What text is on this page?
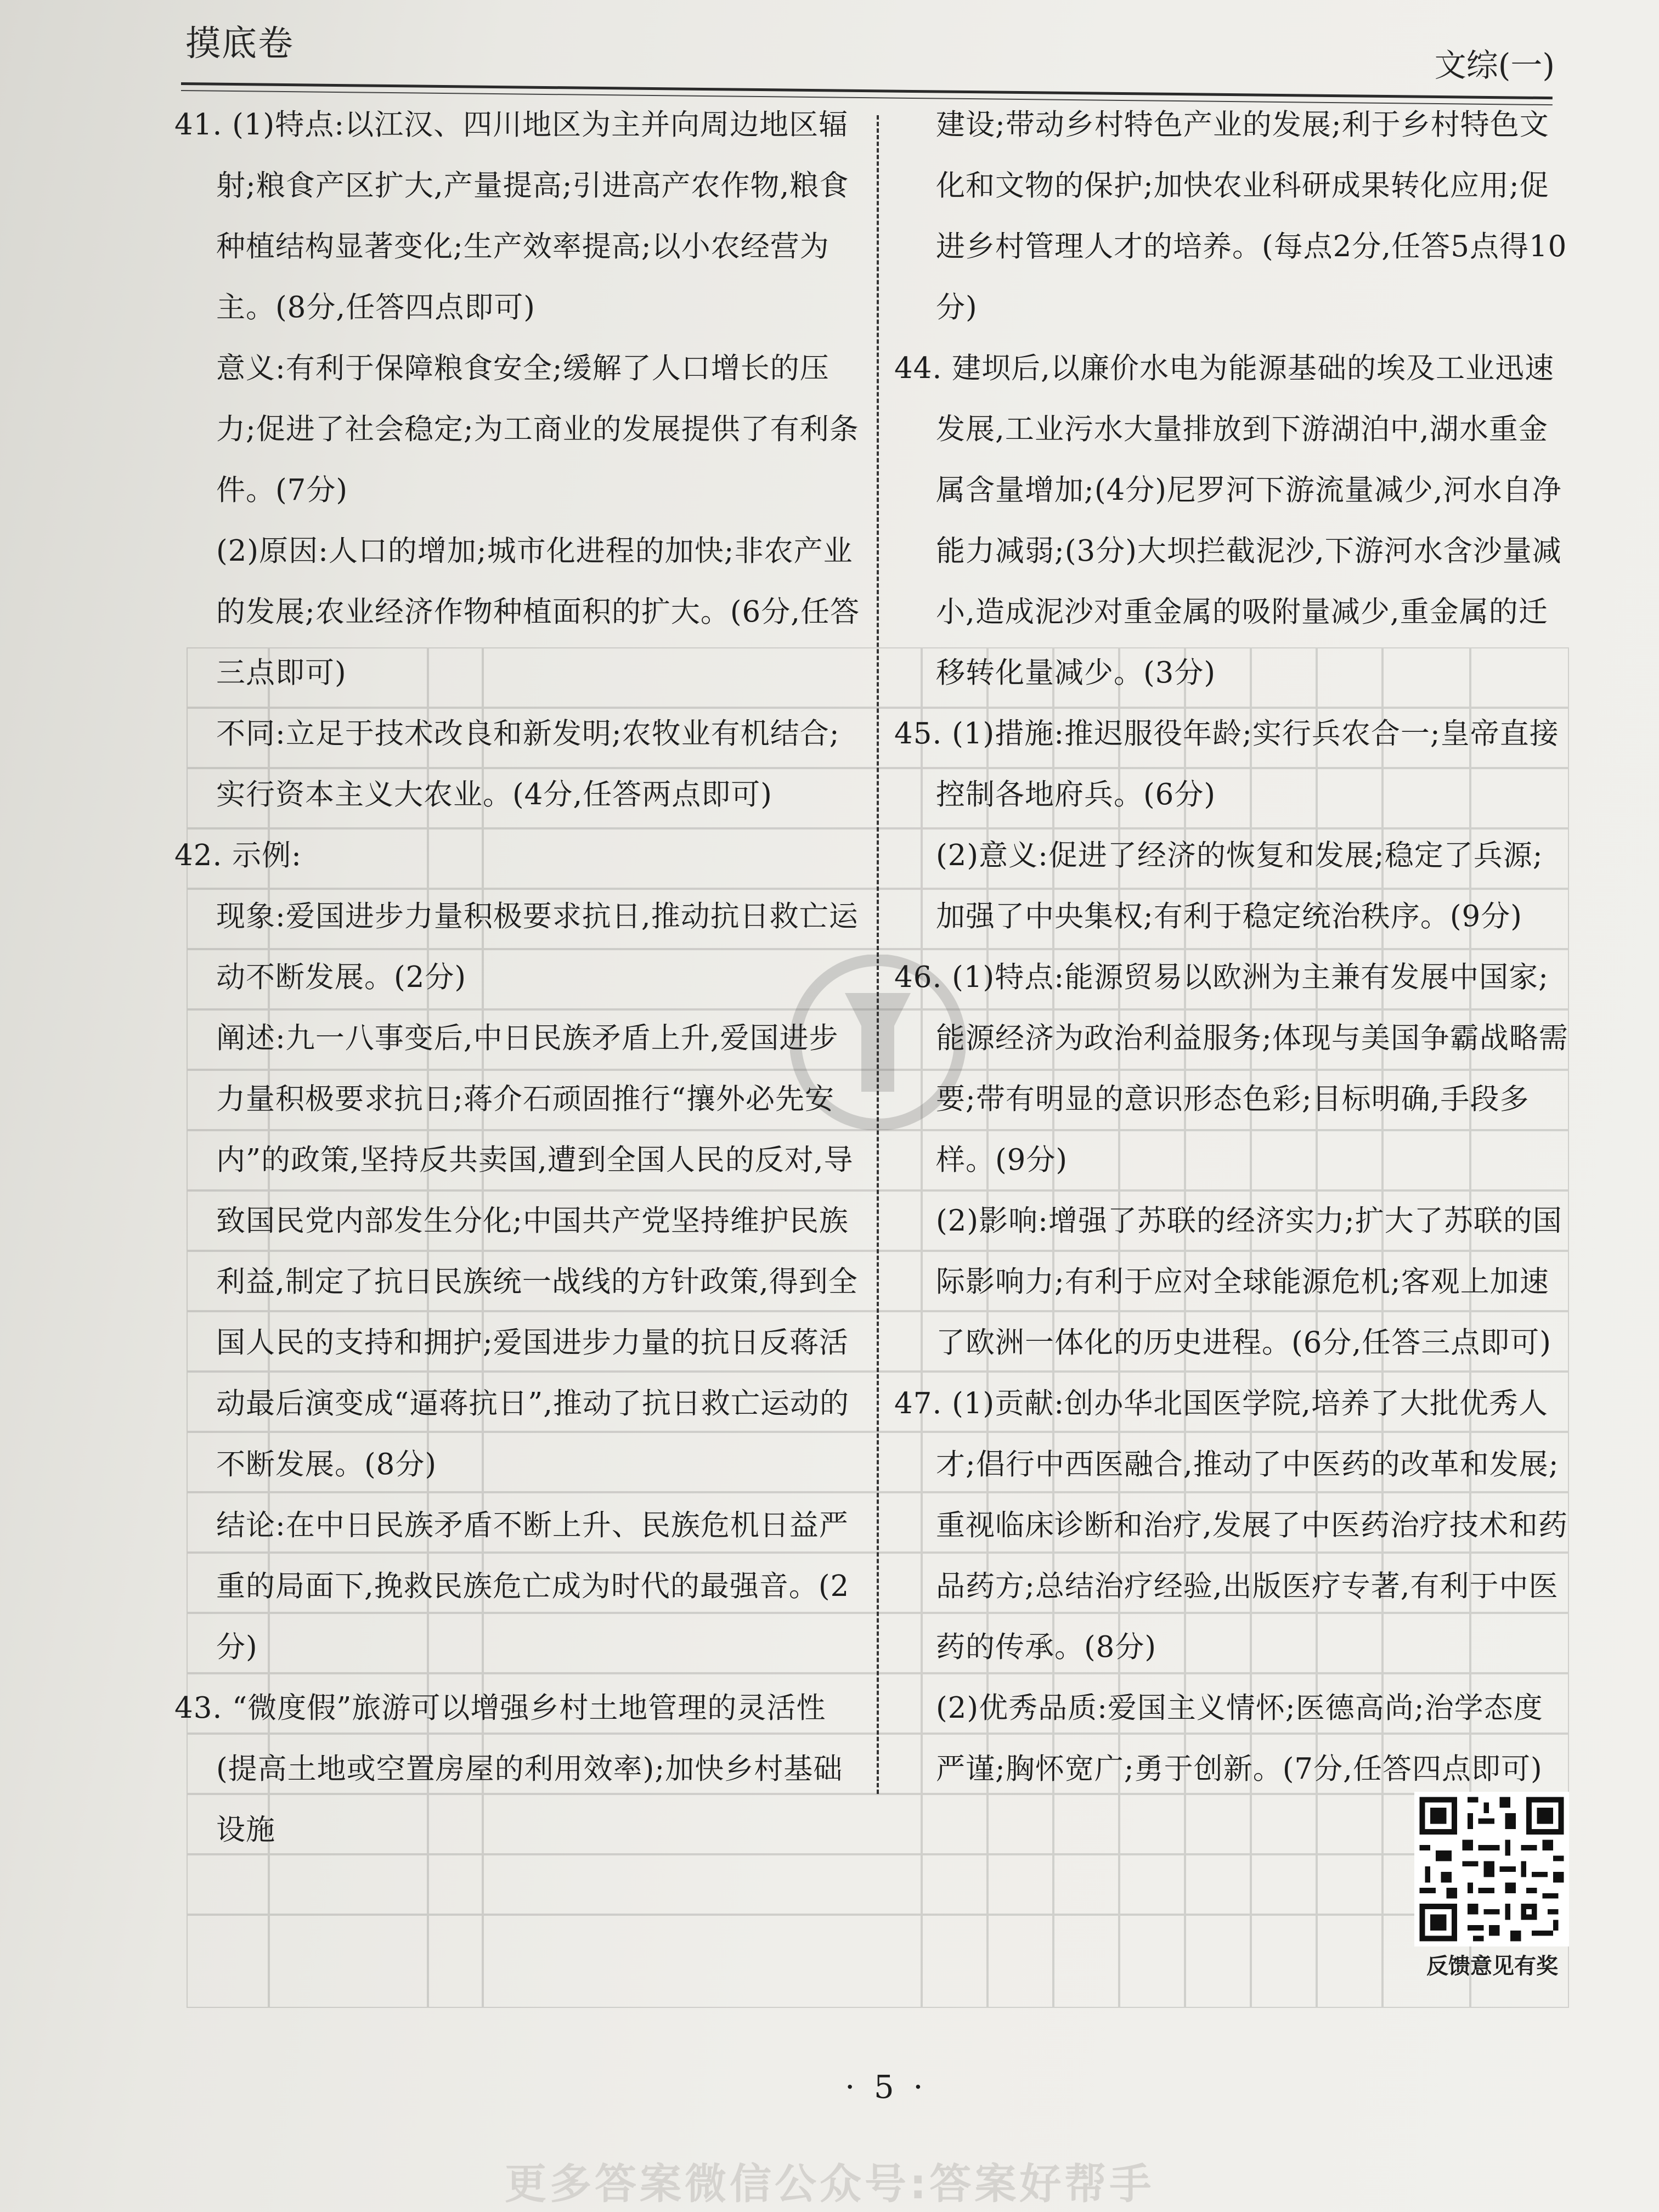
摸底卷
文综(一)

41. (1)特点:以江汉、四川地区为主并向周边地区辐射;粮食产区扩大,产量提高;引进高产农作物,粮食种植结构显著变化;生产效率提高;以小农经营为主。(8分,任答四点即可)

意义:有利于保障粮食安全;缓解了人口增长的压力;促进了社会稳定;为工商业的发展提供了有利条件。(7分)

(2)原因:人口的增加;城市化进程的加快;非农产业的发展;农业经济作物种植面积的扩大。(6分,任答三点即可)

不同:立足于技术改良和新发明;农牧业有机结合;实行资本主义大农业。(4分,任答两点即可)

42. 示例:

现象:爱国进步力量积极要求抗日,推动抗日救亡运动不断发展。(2分)

阐述:九一八事变后,中日民族矛盾上升,爱国进步力量积极要求抗日;蒋介石顽固推行“攘外必先安内”的政策,坚持反共卖国,遭到全国人民的反对,导致国民党内部发生分化;中国共产党坚持维护民族利益,制定了抗日民族统一战线的方针政策,得到全国人民的支持和拥护;爱国进步力量的抗日反蒋活动最后演变成“逼蒋抗日”,推动了抗日救亡运动的不断发展。(8分)

结论:在中日民族矛盾不断上升、民族危机日益严重的局面下,挽救民族危亡成为时代的最强音。(2分)

43. “微度假”旅游可以增强乡村土地管理的灵活性(提高土地或空置房屋的利用效率);加快乡村基础设施

建设;带动乡村特色产业的发展;利于乡村特色文化和文物的保护;加快农业科研成果转化应用;促进乡村管理人才的培养。(每点2分,任答5点得10分)

44. 建坝后,以廉价水电为能源基础的埃及工业迅速发展,工业污水大量排放到下游湖泊中,湖水重金属含量增加;(4分)尼罗河下游流量减少,河水自净能力减弱;(3分)大坝拦截泥沙,下游河水含沙量减小,造成泥沙对重金属的吸附量减少,重金属的迁移转化量减少。(3分)

45. (1)措施:推迟服役年龄;实行兵农合一;皇帝直接控制各地府兵。(6分)

(2)意义:促进了经济的恢复和发展;稳定了兵源;加强了中央集权;有利于稳定统治秩序。(9分)

46. (1)特点:能源贸易以欧洲为主兼有发展中国家;能源经济为政治利益服务;体现与美国争霸战略需要;带有明显的意识形态色彩;目标明确,手段多样。(9分)

(2)影响:增强了苏联的经济实力;扩大了苏联的国际影响力;有利于应对全球能源危机;客观上加速了欧洲一体化的历史进程。(6分,任答三点即可)

47. (1)贡献:创办华北国医学院,培养了大批优秀人才;倡行中西医融合,推动了中医药的改革和发展;重视临床诊断和治疗,发展了中医药治疗技术和药品药方;总结治疗经验,出版医疗专著,有利于中医药的传承。(8分)

(2)优秀品质:爱国主义情怀;医德高尚;治学态度严谨;胸怀宽广;勇于创新。(7分,任答四点即可)

反馈意见有奖
· 5 ·
更多答案微信公众号:答案好帮手
